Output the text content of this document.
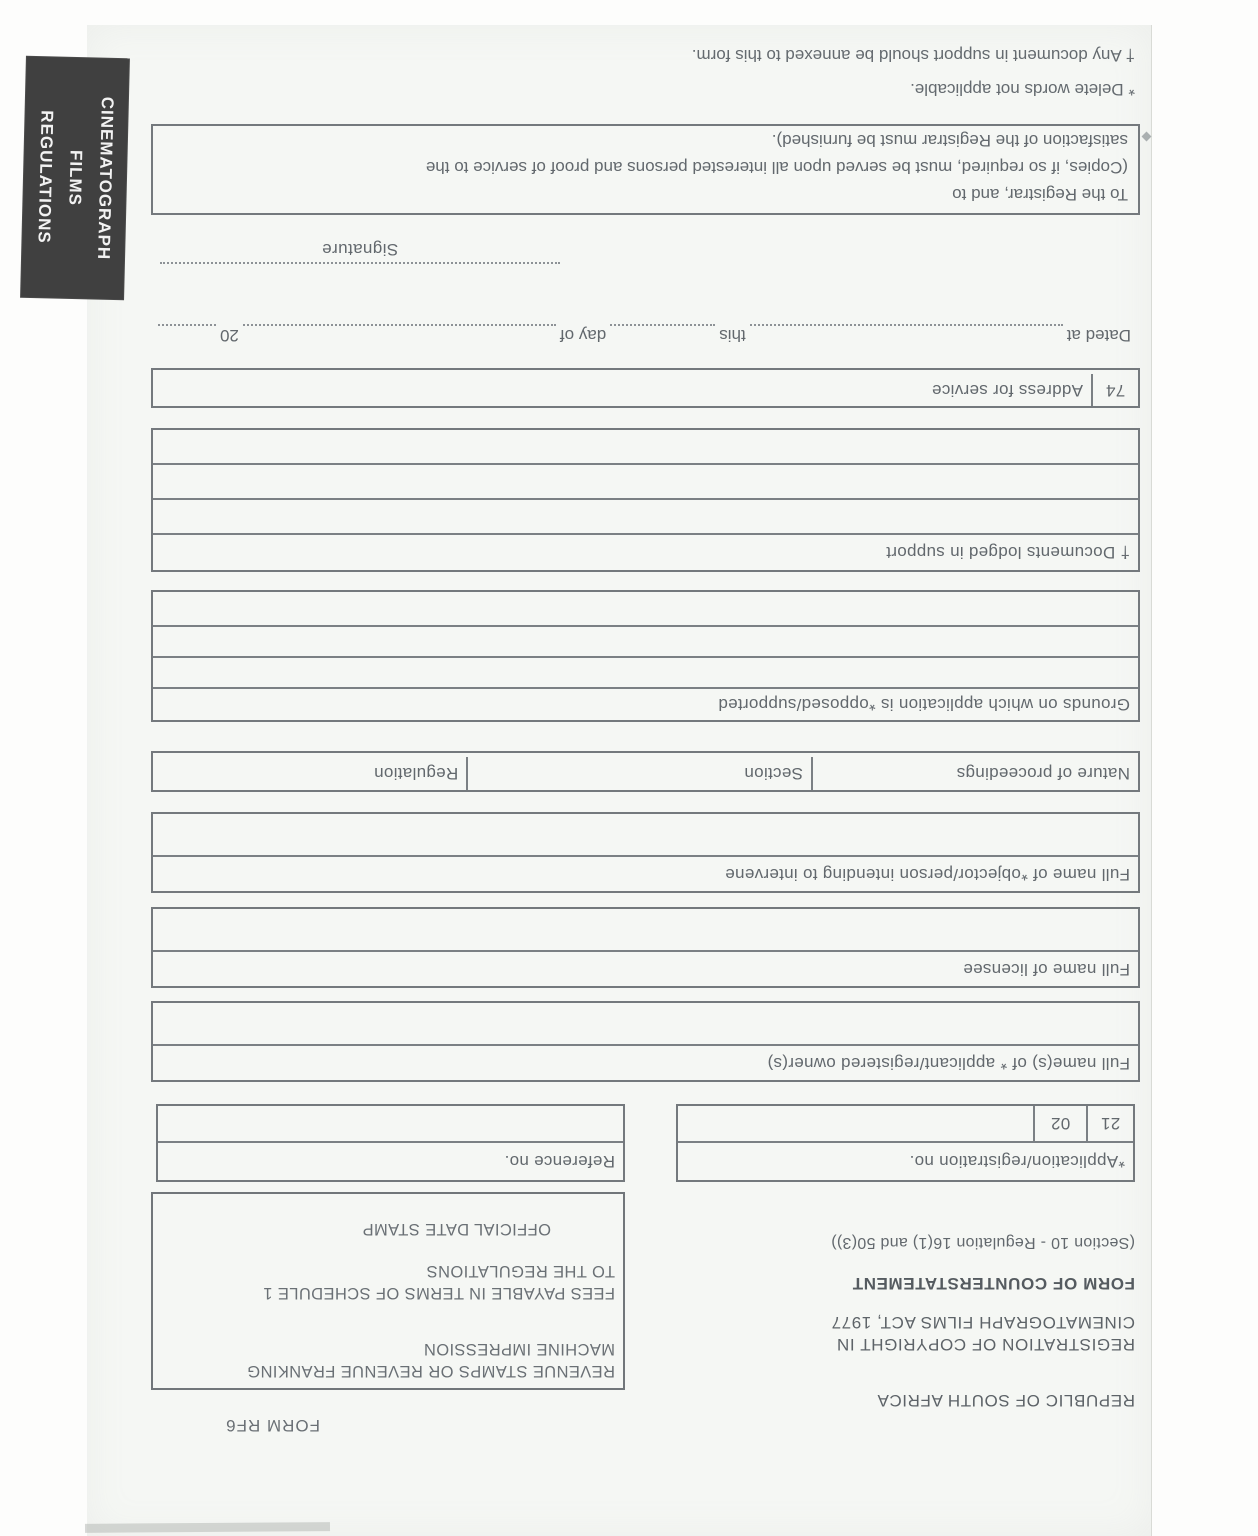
FORM RF6
REPUBLIC OF SOUTH AFRICA
REGISTRATION OF COPYRIGHT IN
CINEMATOGRAPH FILMS ACT, 1977
FORM OF COUNTERSTATEMENT
(Section 10 - Regulation 16(1) and 50(3))
REVENUE STAMPS OR REVENUE FRANKING
MACHINE IMPRESSION
FEES PAYABLE IN TERMS OF SCHEDULE 1
TO THE REGULATIONS
OFFICIAL DATE STAMP
*Application/registration no.
21
02
Reference no.
Full name(s) of * applicant/registered owner(s)
Full name of licensee
Full name of *objector/person intending to intervene
Nature of proceedings
Section
Regulation
Grounds on which application is *opposed/supported
† Documents lodged in support
74
Address for service
Dated at
this
day of
20
Signature
To the Registrar, and to
(Copies, if so required, must be served upon all interested persons and proof of service to the
satisfaction of the Registrar must be furnished).
* Delete words not applicable.
† Any document in support should be annexed to this form.
CINEMATOGRAPH
FILMS
REGULATIONS
